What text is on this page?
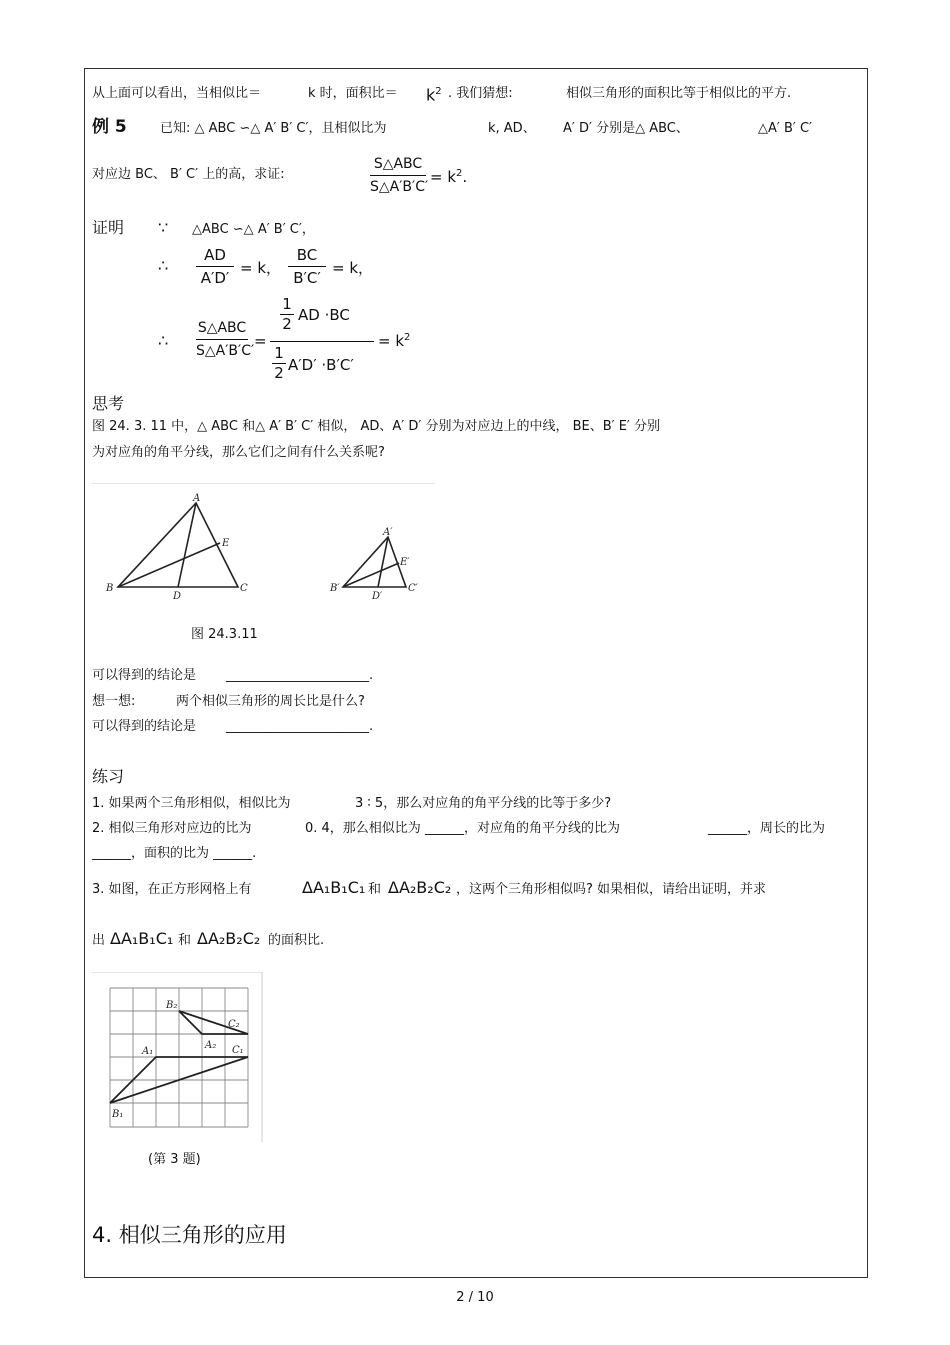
从上面可以看出，当相似比＝	k 时，面积比＝ $k^2$ . 我们猜想:	相似三角形的面积比等于相似比的平方.
例 5	已知: △ ABC ∽△ A′ B′ C′，且相似比为	k, AD、 A′ D′ 分别是△ ABC、	△A′ B′ C′
对应边 BC、 B′ C′ 上的高，求证:
S△ABC
S△A′B′C′
= $k^2$.
证明 ∵ △ABC ∽△ A′ B′ C′，
∴
AD
A′D′
= k，
BC
B′C′
= k，
∴
S△ABC
S△A′B′C′
=
1
2 AD ·BC
1
2 A′D′ ·B′C′
= $k^2$
思考
图 24. 3. 11 中，△ ABC 和△ A′ B′ C′ 相似， AD、A′ D′ 分别为对应边上的中线， BE、B′ E′ 分别
为对应角的角平分线，那么它们之间有什么关系呢?
A
B	C
D
E
A′
B′	C′
D′
E′
图 24.3.11
可以得到的结论是 ______________________.
想一想:	两个相似三角形的周长比是什么?
可以得到的结论是 ______________________.
练习
1. 如果两个三角形相似，相似比为	3 ∶ 5，那么对应角的角平分线的比等于多少?
2. 相似三角形对应边的比为	0. 4，那么相似比为 ______，对应角的角平分线的比为	______，周长的比为
______，面积的比为 ______.
3. 如图，在正方形网格上有	ΔA₁B₁C₁ 和 ΔA₂B₂C₂ ，这两个三角形相似吗? 如果相似，请给出证明，并求
出 ΔA₁B₁C₁ 和 ΔA₂B₂C₂ 的面积比.
B₂
C₂
A₂
A₁	C₁
B₁
(第 3 题)
4. 相似三角形的应用
2 / 10
